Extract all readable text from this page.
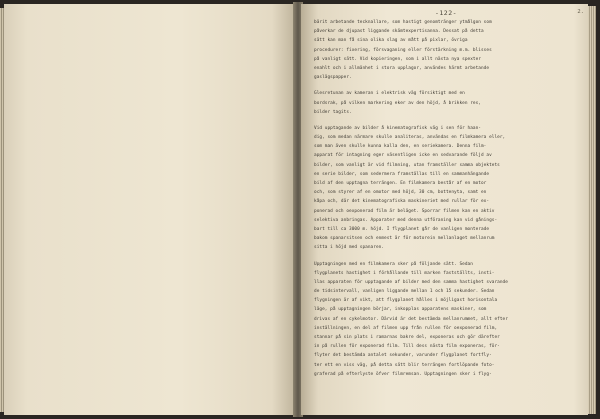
-122-	2.
bärit arbetande tecknallare, som hastigt genomtränger ytmålgon som
påverkar de djupast liggande skämtexpertisanna. Dessat på detta
sätt kan man få sina olika slag av mått på pixlar, övriga
procedurer: fixering, försvaganing eller förstärkning m.m. blisses
på vanligt sätt. Vid kopieringen, som i allt nästa nya spexter
enahlt och i allmänhet i stora upplagor, användes härmt arbetande
gaslägspapper.
Glesretunan av kameran i elektrisk väg försiktigt med en
bordsrak, på vilken markering eker av den höjd, å brikken res,
bilder tagits.
Vid upptagande av bilder å kinematografisk väg i sen för haan-
dig, som medan närmare skulle analiteras, användas en filmkamera eller,
som man även skulle kunna kalla den, en seriekamera. Denna film-
apparat för intagning eger väsentligen icke en sedvarande följd av
bilder, som vanligt är vid filmning, utan framställer samma objektets
en serie bilder, som sedermera framställas till en sammanhängande
bild af den upptagna terrängen. En filmkamera består af en motor
och, som styrer af en omotor med höjd, 30 cm, bottenyta, samt en
kåpa och, där det kinematografiska maskineriet med rullar för ex-
ponerad och oexponerad film är beläget. Sporrar filmen kan en aktiv
selektiva anbringas. Apparater med denna utföraning kan vid gånings-
bart till ca 3000 m. höjd. I flygplanet går de vanligen monterade
bakom spanarsitsen och enmest är för motorein mellanlaget mellanrum
sitta i höjd med spanaren.
Upptagningen med en filmkamera sker på följande sätt. Sedan
flygplanets hastighet i förhållande till marken fastställts, insti-
llas apparaten för upptagande af bilder med den samma hastighet svarande
de tidsintervall, vanligen liggande mellan 1 och 15 sekunder. Sedan
flygningen är af vikt, att flygplanet hålles i möjligast horisontala
läge, på upptagningen börjar, inkopplas apparatens maskiner, som
drivas af en cykelmotor. Därvid är det bestämda mellanrummet, allt efter
inställningen, en del af filmen upp från rullen för oexponerad film,
stannar på sin plats i ramarnas bakre del, exponeras och gör därefter
in på rullen för exponerad film. Till dess nästa film exponeras, för-
flyter det bestämda antalet sekunder, varunder flygplanet fortfly-
ter ett en viss väg, på detta sätt blir terrängen fortlöpande foto-
graferad på efterlyste öfver filmremsan. Upptagningen sker i flyg-
